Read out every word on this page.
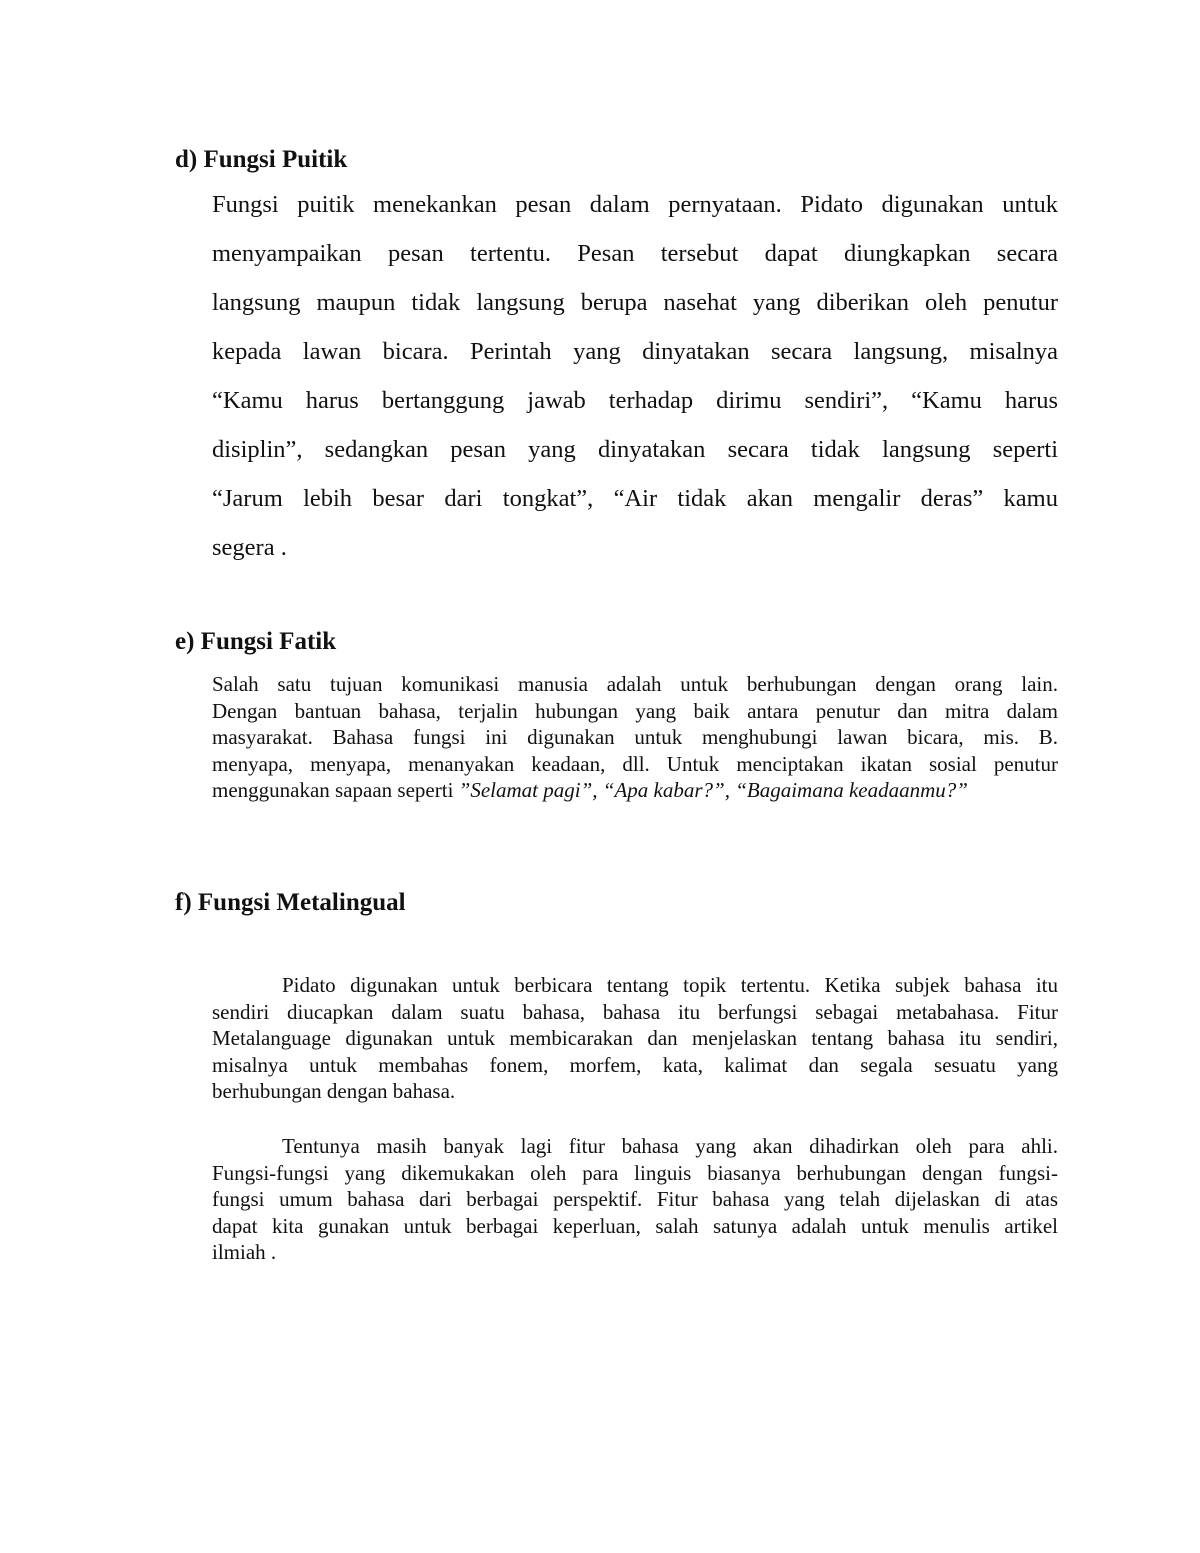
d) Fungsi Puitik

Fungsi puitik menekankan pesan dalam pernyataan. Pidato digunakan untuk
menyampaikan pesan tertentu. Pesan tersebut dapat diungkapkan secara
langsung maupun tidak langsung berupa nasehat yang diberikan oleh penutur
kepada lawan bicara. Perintah yang dinyatakan secara langsung, misalnya
“Kamu harus bertanggung jawab terhadap dirimu sendiri”, “Kamu harus
disiplin”, sedangkan pesan yang dinyatakan secara tidak langsung seperti
“Jarum lebih besar dari tongkat”, “Air tidak akan mengalir deras” kamu
segera .

e) Fungsi Fatik

Salah satu tujuan komunikasi manusia adalah untuk berhubungan dengan orang lain.
Dengan bantuan bahasa, terjalin hubungan yang baik antara penutur dan mitra dalam
masyarakat. Bahasa fungsi ini digunakan untuk menghubungi lawan bicara, mis. B.
menyapa, menyapa, menanyakan keadaan, dll. Untuk menciptakan ikatan sosial penutur
menggunakan sapaan seperti ”Selamat pagi”, “Apa kabar?”, “Bagaimana keadaanmu?”

f) Fungsi Metalingual

Pidato digunakan untuk berbicara tentang topik tertentu. Ketika subjek bahasa itu
sendiri diucapkan dalam suatu bahasa, bahasa itu berfungsi sebagai metabahasa. Fitur
Metalanguage digunakan untuk membicarakan dan menjelaskan tentang bahasa itu sendiri,
misalnya untuk membahas fonem, morfem, kata, kalimat dan segala sesuatu yang
berhubungan dengan bahasa.

Tentunya masih banyak lagi fitur bahasa yang akan dihadirkan oleh para ahli.
Fungsi-fungsi yang dikemukakan oleh para linguis biasanya berhubungan dengan fungsi-
fungsi umum bahasa dari berbagai perspektif. Fitur bahasa yang telah dijelaskan di atas
dapat kita gunakan untuk berbagai keperluan, salah satunya adalah untuk menulis artikel
ilmiah .
